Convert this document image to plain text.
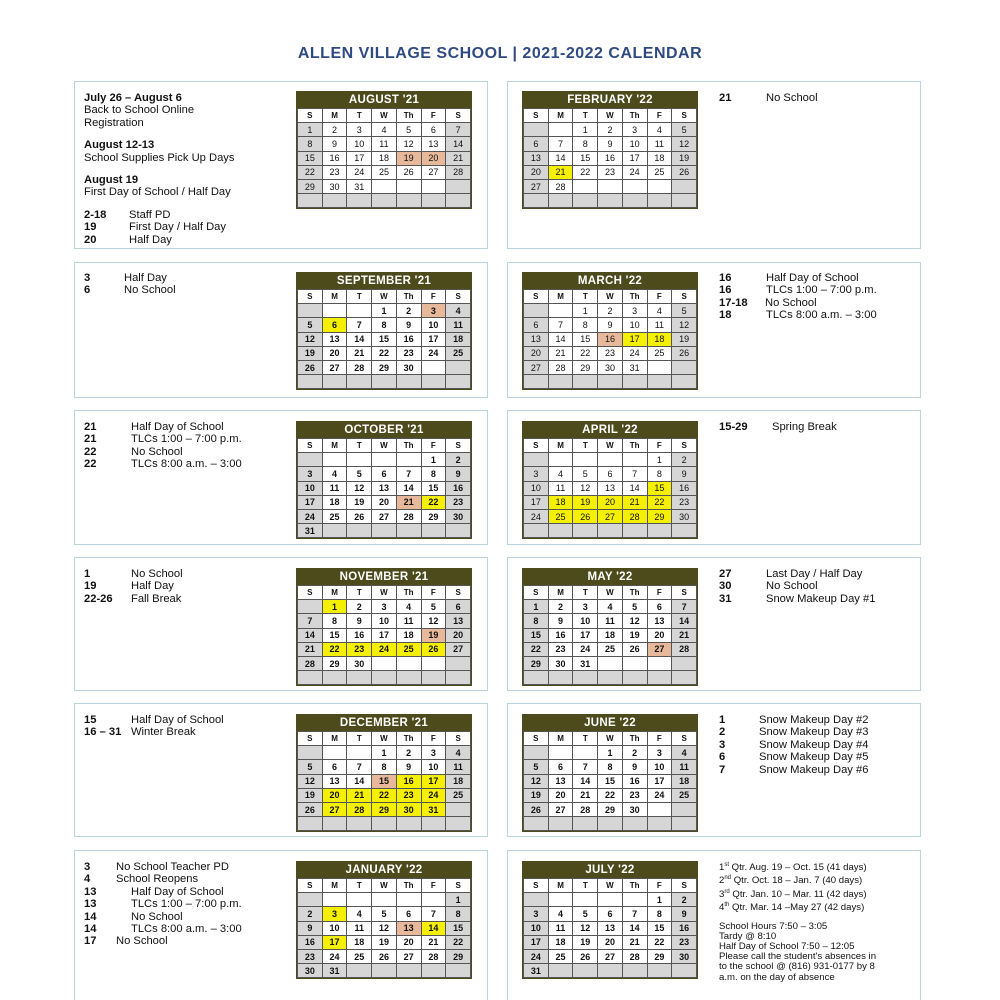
ALLEN VILLAGE SCHOOL | 2021-2022 CALENDAR
July 26 – August 6
Back to School Online
Registration
August 12-13
School Supplies Pick Up Days
August 19
First Day of School / Half Day
2-18	Staff PD
19	First Day / Half Day
20	Half Day
21	No School
3	Half Day
6	No School
16	Half Day of School
16	TLCs 1:00 – 7:00 p.m.
17-18	No School
18	TLCs 8:00 a.m. – 3:00
21	Half Day of School
21	TLCs 1:00 – 7:00 p.m.
22	No School
22	TLCs 8:00 a.m. – 3:00
15-29	Spring Break
1	No School
19	Half Day
22-26	Fall Break
27	Last Day / Half Day
30	No School
31	Snow Makeup Day #1
15	Half Day of School
16 – 31 Winter Break
1	Snow Makeup Day #2
2	Snow Makeup Day #3
3	Snow Makeup Day #4
6	Snow Makeup Day #5
7	Snow Makeup Day #6
3	No School Teacher PD
4	School Reopens
13	Half Day of School
13	TLCs 1:00 – 7:00 p.m.
14	No School
14	TLCs 8:00 a.m. – 3:00
17	No School
AUGUST '21
S	M	T	W	Th	F	S
1	2	3	4	5	6	7
8	9	10	11	12	13	14
15	16	17	18	19	20	21
22	23	24	25	26	27	28
29	30	31				

FEBRUARY '22
S	M	T	W	Th	F	S
		1	2	3	4	5
6	7	8	9	10	11	12
13	14	15	16	17	18	19
20	21	22	23	24	25	26
27	28					

SEPTEMBER '21
S	M	T	W	Th	F	S
			1	2	3	4
5	6	7	8	9	10	11
12	13	14	15	16	17	18
19	20	21	22	23	24	25
26	27	28	29	30		

MARCH '22
S	M	T	W	Th	F	S
		1	2	3	4	5
6	7	8	9	10	11	12
13	14	15	16	17	18	19
20	21	22	23	24	25	26
27	28	29	30	31		

OCTOBER '21
S	M	T	W	Th	F	S
					1	2
3	4	5	6	7	8	9
10	11	12	13	14	15	16
17	18	19	20	21	22	23
24	25	26	27	28	29	30
31						
APRIL '22
S	M	T	W	Th	F	S
					1	2
3	4	5	6	7	8	9
10	11	12	13	14	15	16
17	18	19	20	21	22	23
24	25	26	27	28	29	30

NOVEMBER '21
S	M	T	W	Th	F	S
	1	2	3	4	5	6
7	8	9	10	11	12	13
14	15	16	17	18	19	20
21	22	23	24	25	26	27
28	29	30				

MAY '22
S	M	T	W	Th	F	S
1	2	3	4	5	6	7
8	9	10	11	12	13	14
15	16	17	18	19	20	21
22	23	24	25	26	27	28
29	30	31				

DECEMBER '21
S	M	T	W	Th	F	S
			1	2	3	4
5	6	7	8	9	10	11
12	13	14	15	16	17	18
19	20	21	22	23	24	25
26	27	28	29	30	31	

JUNE '22
S	M	T	W	Th	F	S
			1	2	3	4
5	6	7	8	9	10	11
12	13	14	15	16	17	18
19	20	21	22	23	24	25
26	27	28	29	30		

JANUARY '22
S	M	T	W	Th	F	S
						1
2	3	4	5	6	7	8
9	10	11	12	13	14	15
16	17	18	19	20	21	22
23	24	25	26	27	28	29
30	31					
JULY '22
S	M	T	W	Th	F	S
					1	2
3	4	5	6	7	8	9
10	11	12	13	14	15	16
17	18	19	20	21	22	23
24	25	26	27	28	29	30
31						
1st Qtr. Aug. 19 – Oct. 15 (41 days)
2nd Qtr. Oct. 18 – Jan. 7 (40 days)
3rd Qtr. Jan. 10 – Mar. 11 (42 days)
4th Qtr. Mar. 14 –May 27 (42 days)
School Hours 7:50 – 3:05
Tardy @ 8:10
Half Day of School 7:50 – 12:05
Please call the student's absences in
to the school @ (816) 931-0177 by 8
a.m. on the day of absence
